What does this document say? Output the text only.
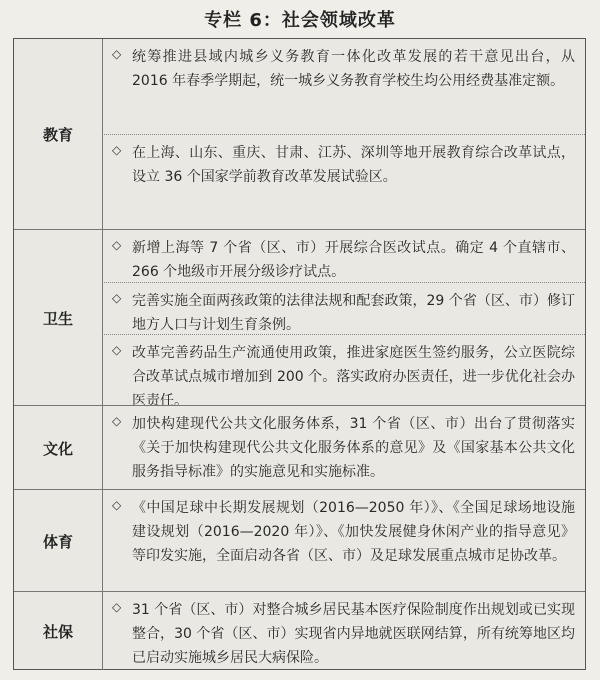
专栏 6：社会领域改革
教育
◇ 统筹推进县域内城乡义务教育一体化改革发展的若干意见出台，从 2016 年春季学期起，统一城乡义务教育学校生均公用经费基准定额。
◇ 在上海、山东、重庆、甘肃、江苏、深圳等地开展教育综合改革试点，设立 36 个国家学前教育改革发展试验区。
卫生
◇ 新增上海等 7 个省（区、市）开展综合医改试点。确定 4 个直辖市、266 个地级市开展分级诊疗试点。
◇ 完善实施全面两孩政策的法律法规和配套政策，29 个省（区、市）修订地方人口与计划生育条例。
◇ 改革完善药品生产流通使用政策，推进家庭医生签约服务，公立医院综合改革试点城市增加到 200 个。落实政府办医责任，进一步优化社会办医责任。
文化
◇ 加快构建现代公共文化服务体系，31 个省（区、市）出台了贯彻落实《关于加快构建现代公共文化服务体系的意见》及《国家基本公共文化服务指导标准》的实施意见和实施标准。
体育
◇ 《中国足球中长期发展规划（2016—2050 年）》、《全国足球场地设施建设规划（2016—2020 年）》、《加快发展健身休闲产业的指导意见》等印发实施，全面启动各省（区、市）及足球发展重点城市足协改革。
社保
◇ 31 个省（区、市）对整合城乡居民基本医疗保险制度作出规划或已实现整合，30 个省（区、市）实现省内异地就医联网结算，所有统筹地区均已启动实施城乡居民大病保险。
